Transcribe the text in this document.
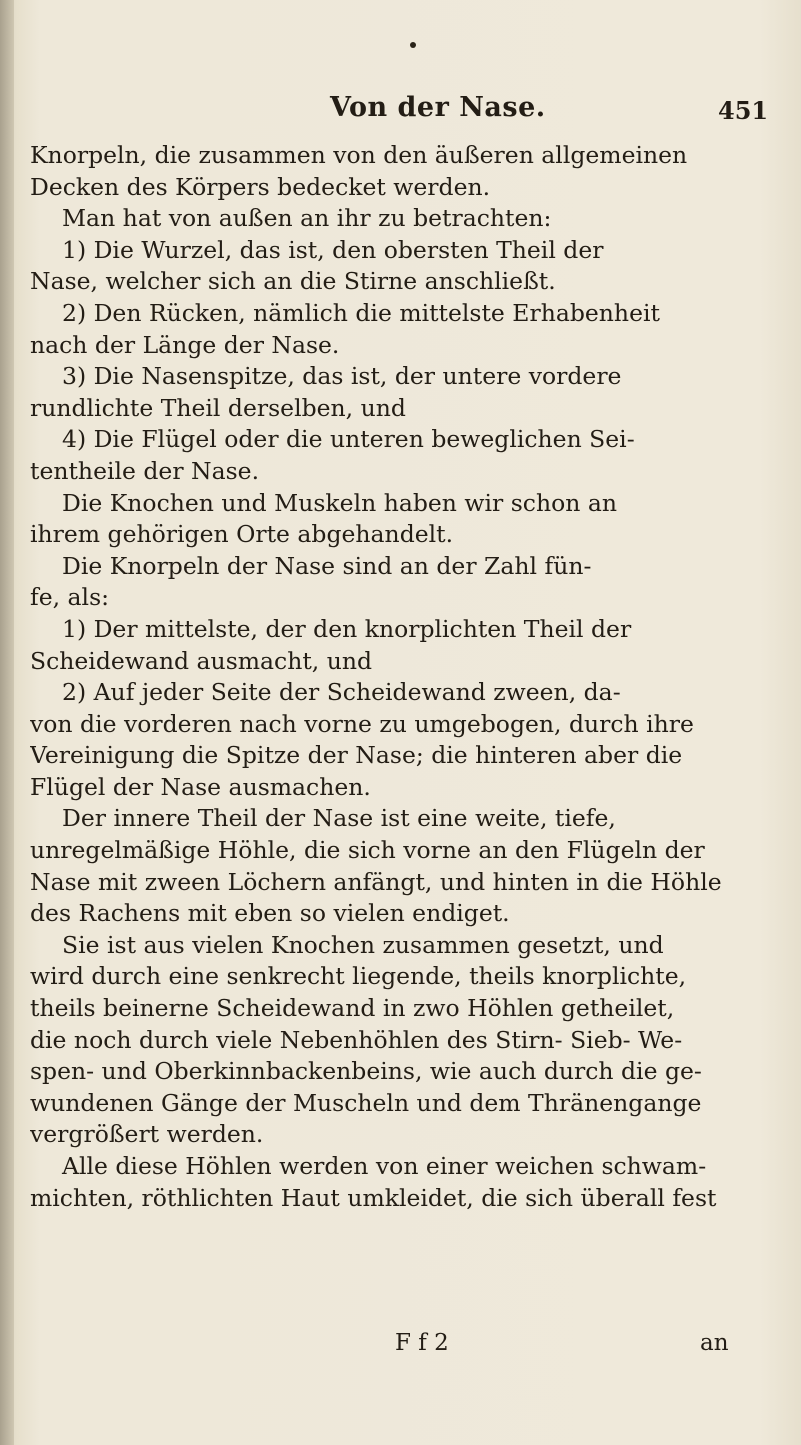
Von der Nase.	451
Knorpeln, die zusammen von den äußeren allgemeinen
Decken des Körpers bedecket werden.
Man hat von außen an ihr zu betrachten:
1) Die Wurzel, das ist, den obersten Theil der
Nase, welcher sich an die Stirne anschließt.
2) Den Rücken, nämlich die mittelste Erhabenheit
nach der Länge der Nase.
3) Die Nasenspitze, das ist, der untere vordere
rundlichte Theil derselben, und
4) Die Flügel oder die unteren beweglichen Sei-
tentheile der Nase.
Die Knochen und Muskeln haben wir schon an
ihrem gehörigen Orte abgehandelt.
Die Knorpeln der Nase sind an der Zahl fün-
fe, als:
1) Der mittelste, der den knorplichten Theil der
Scheidewand ausmacht, und
2) Auf jeder Seite der Scheidewand zween, da-
von die vorderen nach vorne zu umgebogen, durch ihre
Vereinigung die Spitze der Nase; die hinteren aber die
Flügel der Nase ausmachen.
Der innere Theil der Nase ist eine weite, tiefe,
unregelmäßige Höhle, die sich vorne an den Flügeln der
Nase mit zween Löchern anfängt, und hinten in die Höhle
des Rachens mit eben so vielen endiget.
Sie ist aus vielen Knochen zusammen gesetzt, und
wird durch eine senkrecht liegende, theils knorplichte,
theils beinerne Scheidewand in zwo Höhlen getheilet,
die noch durch viele Nebenhöhlen des Stirn- Sieb- We-
spen- und Oberkinnbackenbeins, wie auch durch die ge-
wundenen Gänge der Muscheln und dem Thränengange
vergrößert werden.
Alle diese Höhlen werden von einer weichen schwam-
michten, röthlichten Haut umkleidet, die sich überall fest
F f 2	an
